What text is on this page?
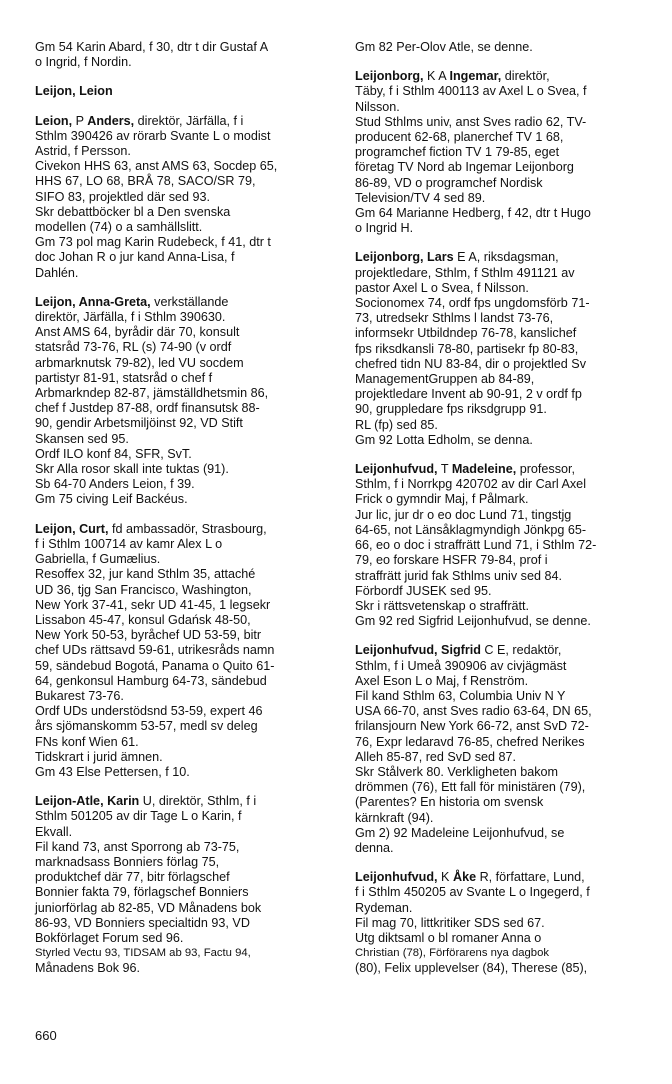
Gm 54 Karin Abard, f 30, dtr t dir Gustaf A
o Ingrid, f Nordin.
Leijon, Leion
Leion, P Anders, direktör, Järfälla, f i
Sthlm 390426 av rörarb Svante L o modist
Astrid, f Persson.
Civekon HHS 63, anst AMS 63, Socdep 65,
HHS 67, LO 68, BRÅ 78, SACO/SR 79,
SIFO 83, projektled där sed 93.
Skr debattböcker bl a Den svenska
modellen (74) o a samhällslitt.
Gm 73 pol mag Karin Rudebeck, f 41, dtr t
doc Johan R o jur kand Anna-Lisa, f
Dahlén.
Leijon, Anna-Greta, verkställande
direktör, Järfälla, f i Sthlm 390630.
Anst AMS 64, byrådir där 70, konsult
statsråd 73-76, RL (s) 74-90 (v ordf
arbmarknutsk 79-82), led VU socdem
partistyr 81-91, statsråd o chef f
Arbmarkndep 82-87, jämställdhetsmin 86,
chef f Justdep 87-88, ordf finansutsk 88-
90, gendir Arbetsmiljöinst 92, VD Stift
Skansen sed 95.
Ordf ILO konf 84, SFR, SvT.
Skr Alla rosor skall inte tuktas (91).
Sb 64-70 Anders Leion, f 39.
Gm 75 civing Leif Backéus.
Leijon, Curt, fd ambassadör, Strasbourg,
f i Sthlm 100714 av kamr Alex L o
Gabriella, f Gumælius.
Resoffex 32, jur kand Sthlm 35, attaché
UD 36, tjg San Francisco, Washington,
New York 37-41, sekr UD 41-45, 1 legsekr
Lissabon 45-47, konsul Gdańsk 48-50,
New York 50-53, byråchef UD 53-59, bitr
chef UDs rättsavd 59-61, utrikesråds namn
59, sändebud Bogotá, Panama o Quito 61-
64, genkonsul Hamburg 64-73, sändebud
Bukarest 73-76.
Ordf UDs understödsnd 53-59, expert 46
års sjömanskomm 53-57, medl sv deleg
FNs konf Wien 61.
Tidskrart i jurid ämnen.
Gm 43 Else Pettersen, f 10.
Leijon-Atle, Karin U, direktör, Sthlm, f i
Sthlm 501205 av dir Tage L o Karin, f
Ekvall.
Fil kand 73, anst Sporrong ab 73-75,
marknadsass Bonniers förlag 75,
produktchef där 77, bitr förlagschef
Bonnier fakta 79, förlagschef Bonniers
juniorförlag ab 82-85, VD Månadens bok
86-93, VD Bonniers specialtidn 93, VD
Bokförlaget Forum sed 96.
Styrled Vectu 93, TIDSAM ab 93, Factu 94,
Månadens Bok 96.
Gm 82 Per-Olov Atle, se denne.
Leijonborg, K A Ingemar, direktör,
Täby, f i Sthlm 400113 av Axel L o Svea, f
Nilsson.
Stud Sthlms univ, anst Sves radio 62, TV-
producent 62-68, planerchef TV 1 68,
programchef fiction TV 1 79-85, eget
företag TV Nord ab Ingemar Leijonborg
86-89, VD o programchef Nordisk
Television/TV 4 sed 89.
Gm 64 Marianne Hedberg, f 42, dtr t Hugo
o Ingrid H.
Leijonborg, Lars E A, riksdagsman,
projektledare, Sthlm, f Sthlm 491121 av
pastor Axel L o Svea, f Nilsson.
Socionomex 74, ordf fps ungdomsförb 71-
73, utredsekr Sthlms l landst 73-76,
informsekr Utbildndep 76-78, kanslichef
fps riksdkansli 78-80, partisekr fp 80-83,
chefred tidn NU 83-84, dir o projektled Sv
ManagementGruppen ab 84-89,
projektledare Invent ab 90-91, 2 v ordf fp
90, gruppledare fps riksdgrupp 91.
RL (fp) sed 85.
Gm 92 Lotta Edholm, se denna.
Leijonhufvud, T Madeleine, professor,
Sthlm, f i Norrkpg 420702 av dir Carl Axel
Frick o gymndir Maj, f Pålmark.
Jur lic, jur dr o eo doc Lund 71, tingstjg
64-65, not Länsåklagmyndigh Jönkpg 65-
66, eo o doc i straffrätt Lund 71, i Sthlm 72-
79, eo forskare HSFR 79-84, prof i
straffrätt jurid fak Sthlms univ sed 84.
Förbordf JUSEK sed 95.
Skr i rättsvetenskap o straffrätt.
Gm 92 red Sigfrid Leijonhufvud, se denne.
Leijonhufvud, Sigfrid C E, redaktör,
Sthlm, f i Umeå 390906 av civjägmäst
Axel Eson L o Maj, f Renström.
Fil kand Sthlm 63, Columbia Univ N Y
USA 66-70, anst Sves radio 63-64, DN 65,
frilansjourn New York 66-72, anst SvD 72-
76, Expr ledaravd 76-85, chefred Nerikes
Alleh 85-87, red SvD sed 87.
Skr Stålverk 80. Verkligheten bakom
drömmen (76), Ett fall för ministären (79),
(Parentes? En historia om svensk
kärnkraft (94).
Gm 2) 92 Madeleine Leijonhufvud, se
denna.
Leijonhufvud, K Åke R, författare, Lund,
f i Sthlm 450205 av Svante L o Ingegerd, f
Rydeman.
Fil mag 70, littkritiker SDS sed 67.
Utg diktsaml o bl romaner Anna o
Christian (78), Förförarens nya dagbok
(80), Felix upplevelser (84), Therese (85),
660
